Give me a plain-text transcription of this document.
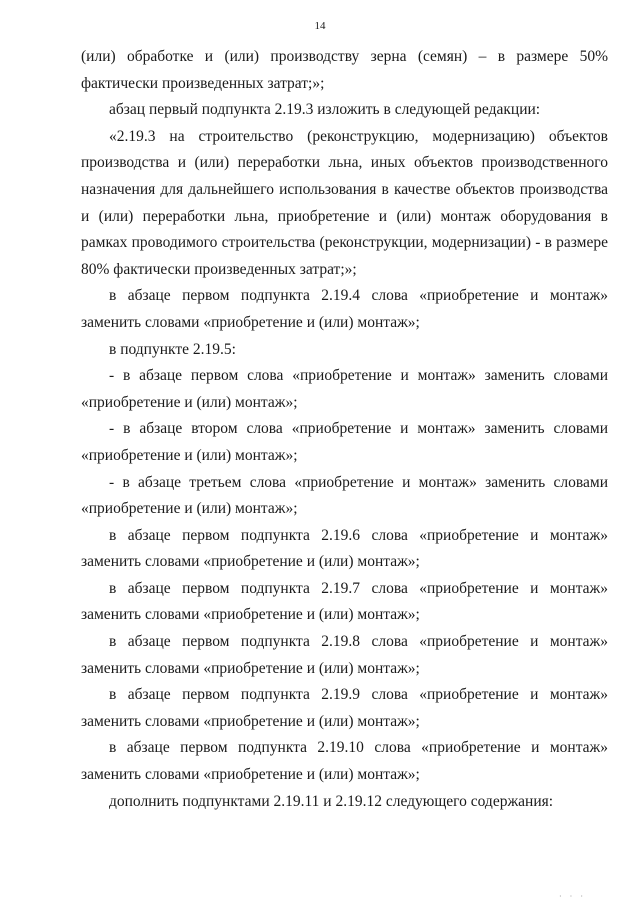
14

(или) обработке и (или) производству зерна (семян) – в размере 50% фактически произведенных затрат;»;

абзац первый подпункта 2.19.3 изложить в следующей редакции:

«2.19.3 на строительство (реконструкцию, модернизацию) объектов производства и (или) переработки льна, иных объектов производственного назначения для дальнейшего использования в качестве объектов производства и (или) переработки льна, приобретение и (или) монтаж оборудования в рамках проводимого строительства (реконструкции, модернизации) - в размере 80% фактически произведенных затрат;»;

в абзаце первом подпункта 2.19.4 слова «приобретение и монтаж» заменить словами «приобретение и (или) монтаж»;

в подпункте 2.19.5:

- в абзаце первом слова «приобретение и монтаж» заменить словами «приобретение и (или) монтаж»;

- в абзаце втором слова «приобретение и монтаж» заменить словами «приобретение и (или) монтаж»;

- в абзаце третьем слова «приобретение и монтаж» заменить словами «приобретение и (или) монтаж»;

в абзаце первом подпункта 2.19.6 слова «приобретение и монтаж» заменить словами «приобретение и (или) монтаж»;

в абзаце первом подпункта 2.19.7 слова «приобретение и монтаж» заменить словами «приобретение и (или) монтаж»;

в абзаце первом подпункта 2.19.8 слова «приобретение и монтаж» заменить словами «приобретение и (или) монтаж»;

в абзаце первом подпункта 2.19.9 слова «приобретение и монтаж» заменить словами «приобретение и (или) монтаж»;

в абзаце первом подпункта 2.19.10 слова «приобретение и монтаж» заменить словами «приобретение и (или) монтаж»;

дополнить подпунктами 2.19.11 и 2.19.12 следующего содержания:

· · ·
